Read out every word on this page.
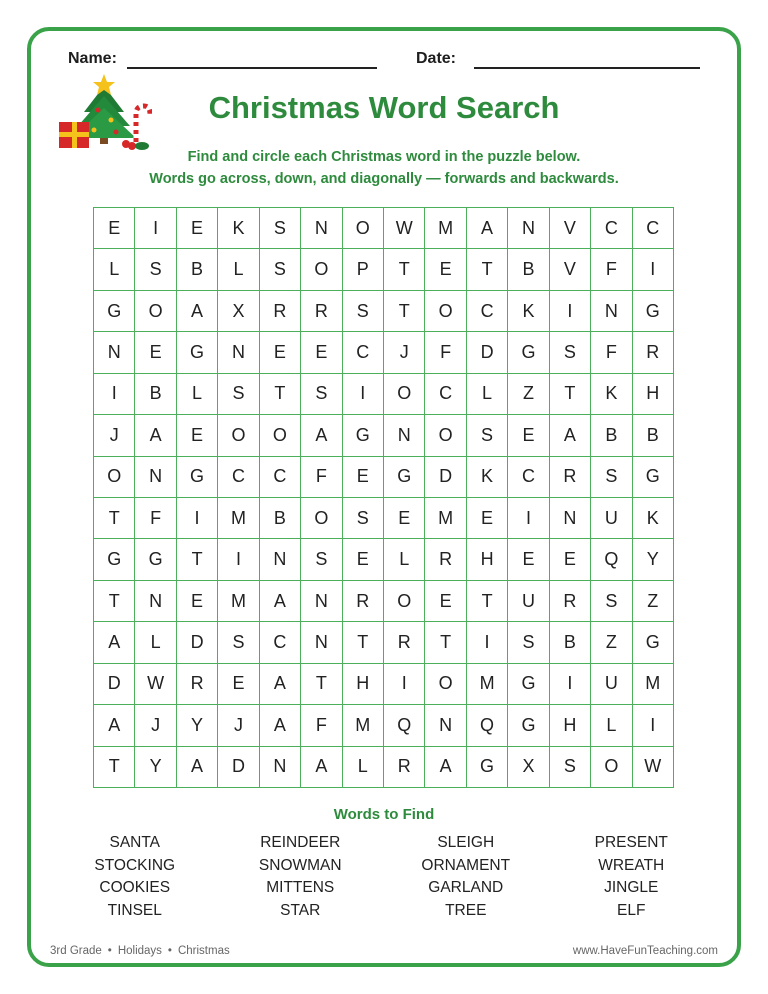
Name:	Date:
Christmas Word Search
Find and circle each Christmas word in the puzzle below.
Words go across, down, and diagonally — forwards and backwards.
E	I	E	K	S	N	O	W	M	A	N	V	C	C
L	S	B	L	S	O	P	T	E	T	B	V	F	I
G	O	A	X	R	R	S	T	O	C	K	I	N	G
N	E	G	N	E	E	C	J	F	D	G	S	F	R
I	B	L	S	T	S	I	O	C	L	Z	T	K	H
J	A	E	O	O	A	G	N	O	S	E	A	B	B
O	N	G	C	C	F	E	G	D	K	C	R	S	G
T	F	I	M	B	O	S	E	M	E	I	N	U	K
G	G	T	I	N	S	E	L	R	H	E	E	Q	Y
T	N	E	M	A	N	R	O	E	T	U	R	S	Z
A	L	D	S	C	N	T	R	T	I	S	B	Z	G
D	W	R	E	A	T	H	I	O	M	G	I	U	M
A	J	Y	J	A	F	M	Q	N	Q	G	H	L	I
T	Y	A	D	N	A	L	R	A	G	X	S	O	W
Words to Find
SANTA	REINDEER	SLEIGH	PRESENT
STOCKING	SNOWMAN	ORNAMENT	WREATH
COOKIES	MITTENS	GARLAND	JINGLE
TINSEL	STAR	TREE	ELF
3rd Grade • Holidays • Christmas	www.HaveFunTeaching.com
